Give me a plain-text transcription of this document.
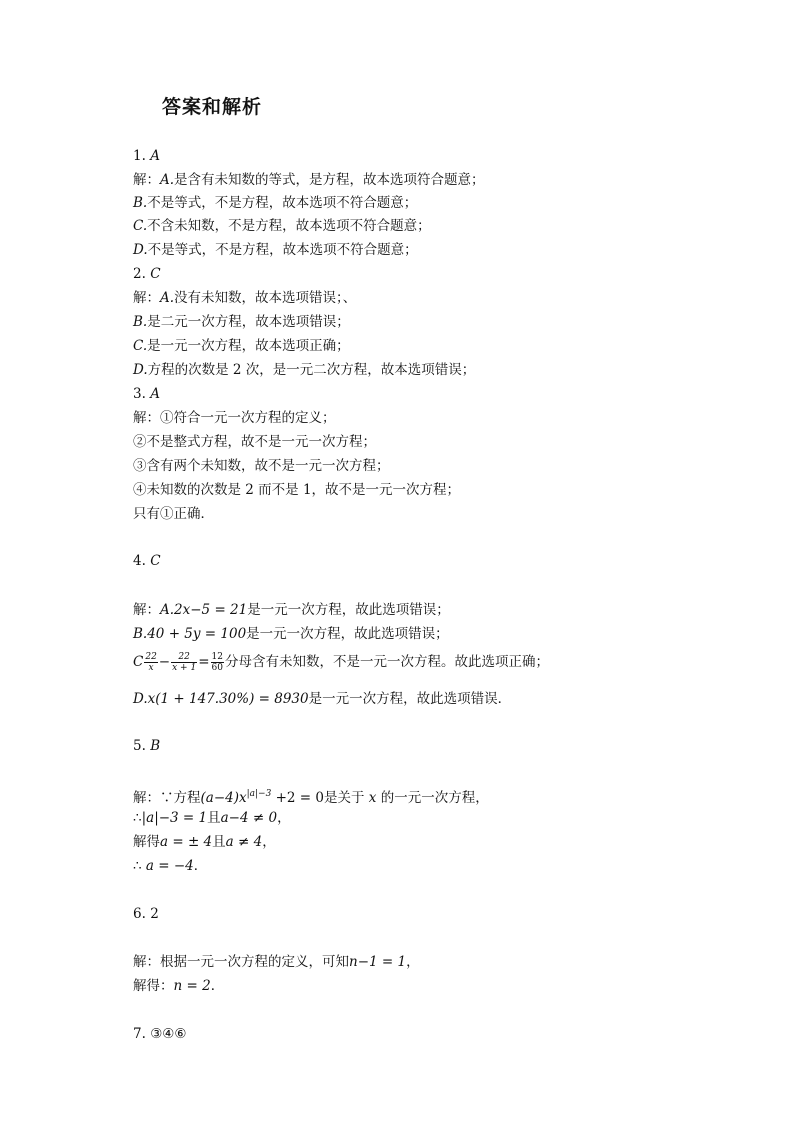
答案和解析
1. A
解：A.是含有未知数的等式，是方程，故本选项符合题意；
B.不是等式，不是方程，故本选项不符合题意；
C.不含未知数，不是方程，故本选项不符合题意；
D.不是等式，不是方程，故本选项不符合题意；
2. C
解：A.没有未知数，故本选项错误；、
B.是二元一次方程，故本选项错误；
C.是一元一次方程，故本选项正确；
D.方程的次数是 2 次，是一元二次方程，故本选项错误；
3. A
解：①符合一元一次方程的定义；
②不是整式方程，故不是一元一次方程；
③含有两个未知数，故不是一元一次方程；
④未知数的次数是 2 而不是 1，故不是一元一次方程；
只有①正确．
4. C
解：A.2x−5 = 21是一元一次方程，故此选项错误；
B.40 + 5y = 100是一元一次方程，故此选项错误；
C $\frac{22}{x} - \frac{22}{x + 1} = \frac{12}{60}$ 分母含有未知数，不是一元一次方程。故此选项正确；
D.x(1 + 147.30%) = 8930是一元一次方程，故此选项错误．
5. B
解：∵方程$(a-4)x^{|a|-3} +2 = 0$是关于 x 的一元一次方程，
∴|a|−3 = 1且a−4 ≠ 0，
解得a = ± 4且a ≠ 4，
∴ a = −4．
6. 2
解：根据一元一次方程的定义，可知n−1 = 1，
解得：n = 2．
7. ③④⑥
